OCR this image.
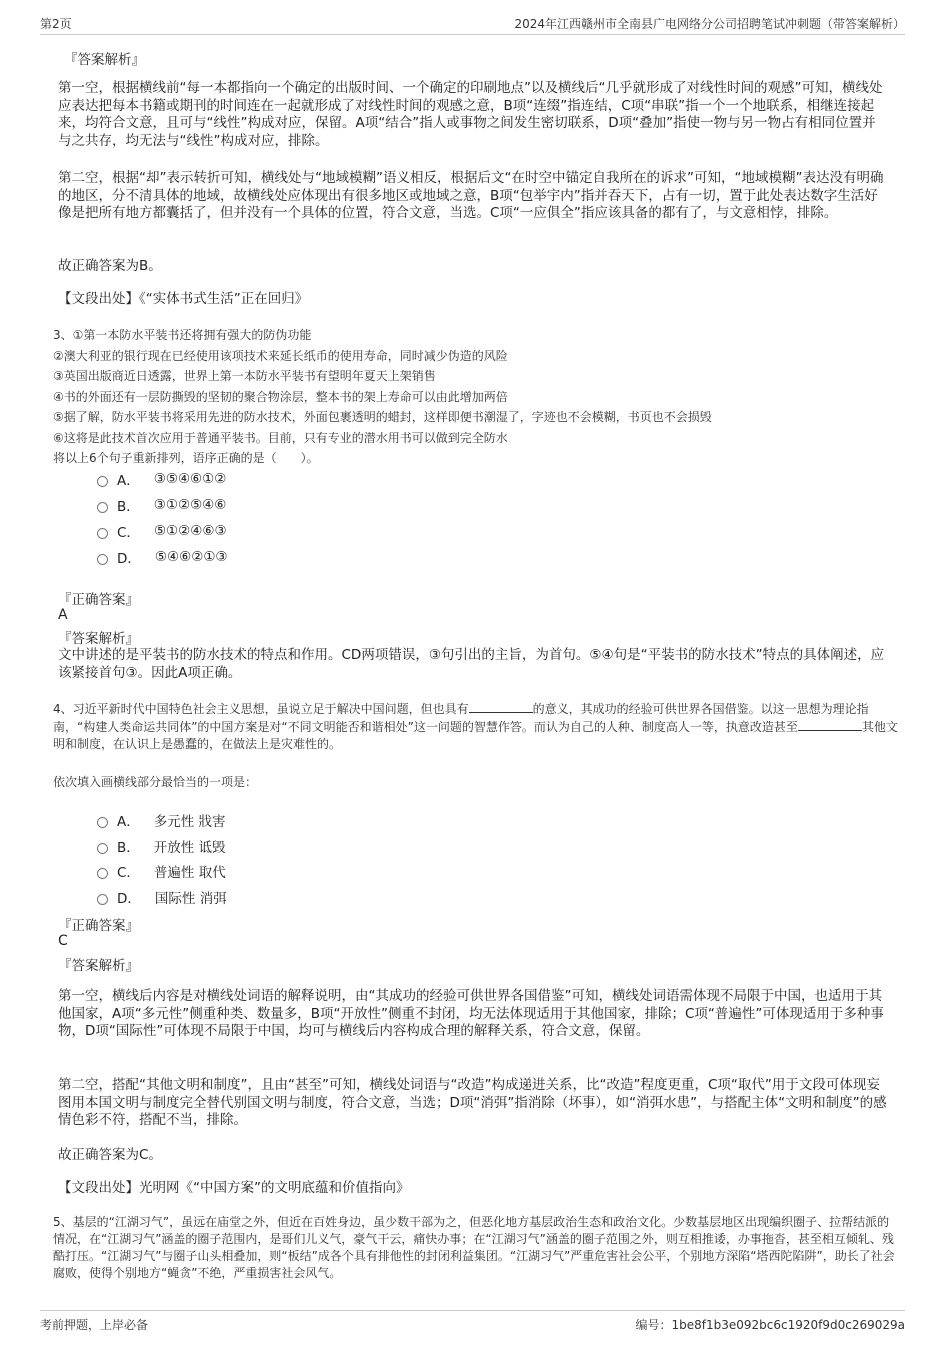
第2页	2024年江西赣州市全南县广电网络分公司招聘笔试冲刺题（带答案解析）
『答案解析』

第一空，根据横线前“每一本都指向一个确定的出版时间、一个确定的印刷地点”以及横线后“几乎就形成了对线性时间的观感”可知，横线处应表达把每本书籍或期刊的时间连在一起就形成了对线性时间的观感之意，B项“连缀”指连结，C项“串联”指一个一个地联系，相继连接起来，均符合文意，且可与“线性”构成对应，保留。A项“结合”指人或事物之间发生密切联系，D项“叠加”指使一物与另一物占有相同位置并与之共存，均无法与“线性”构成对应，排除。

第二空，根据“却”表示转折可知，横线处与“地域模糊”语义相反，根据后文“在时空中锚定自我所在的诉求”可知，“地域模糊”表达没有明确的地区，分不清具体的地域，故横线处应体现出有很多地区或地域之意，B项“包举宇内”指并吞天下，占有一切，置于此处表达数字生活好像是把所有地方都囊括了，但并没有一个具体的位置，符合文意，当选。C项“一应俱全”指应该具备的都有了，与文意相悖，排除。

故正确答案为B。

【文段出处】《“实体书式生活”正在回归》

3、①第一本防水平装书还将拥有强大的防伪功能
②澳大利亚的银行现在已经使用该项技术来延长纸币的使用寿命，同时减少伪造的风险
③英国出版商近日透露，世界上第一本防水平装书有望明年夏天上架销售
④书的外面还有一层防撕毁的坚韧的聚合物涂层，整本书的架上寿命可以由此增加两倍
⑤据了解，防水平装书将采用先进的防水技术，外面包裹透明的蜡封，这样即便书潮湿了，字迹也不会模糊，书页也不会损毁
⑥这将是此技术首次应用于普通平装书。目前，只有专业的潜水用书可以做到完全防水
将以上6个句子重新排列，语序正确的是（　　）。
A． ③⑤④⑥①②
B． ③①②⑤④⑥
C． ⑤①②④⑥③
D． ⑤④⑥②①③
『正确答案』
A
『答案解析』

文中讲述的是平装书的防水技术的特点和作用。CD两项错误，③句引出的主旨，为首句。⑤④句是“平装书的防水技术”特点的具体阐述，应该紧接首句③。因此A项正确。

4、习近平新时代中国特色社会主义思想，虽说立足于解决中国问题，但也具有	的意义，其成功的经验可供世界各国借鉴。以这一思想为理论指南，“构建人类命运共同体”的中国方案是对“不同文明能否和谐相处”这一问题的智慧作答。而认为自己的人种、制度高人一等，执意改造甚至	其他文明和制度，在认识上是愚蠢的，在做法上是灾难性的。

依次填入画横线部分最恰当的一项是：

A． 多元性 戕害
B． 开放性 诋毁
C． 普遍性 取代
D． 国际性 消弭
『正确答案』
C
『答案解析』

第一空，横线后内容是对横线处词语的解释说明，由“其成功的经验可供世界各国借鉴”可知，横线处词语需体现不局限于中国，也适用于其他国家，A项“多元性”侧重种类、数量多，B项“开放性”侧重不封闭，均无法体现适用于其他国家，排除；C项“普遍性”可体现适用于多种事物，D项“国际性”可体现不局限于中国，均可与横线后内容构成合理的解释关系，符合文意，保留。

第二空，搭配“其他文明和制度”，且由“甚至”可知，横线处词语与“改造”构成递进关系，比“改造”程度更重，C项“取代”用于文段可体现妄图用本国文明与制度完全替代别国文明与制度，符合文意，当选；D项“消弭”指消除（坏事），如“消弭水患”，与搭配主体“文明和制度”的感情色彩不符，搭配不当，排除。

故正确答案为C。

【文段出处】光明网《“中国方案”的文明底蕴和价值指向》

5、基层的“江湖习气”，虽远在庙堂之外，但近在百姓身边，虽少数干部为之，但恶化地方基层政治生态和政治文化。少数基层地区出现编织圈子、拉帮结派的情况，在“江湖习气”涵盖的圈子范围内，是哥们儿义气，豪气干云，痛快办事；在“江湖习气”涵盖的圈子范围之外，则互相推诿，办事拖沓，甚至相互倾轧、残酷打压。“江湖习气”与圈子山头相叠加，则“板结”成各个具有排他性的封闭利益集团。“江湖习气”严重危害社会公平，个别地方深陷“塔西陀陷阱”，助长了社会腐败，使得个别地方“蝇贪”不绝，严重损害社会风气。

考前押题，上岸必备	编号：1be8f1b3e092bc6c1920f9d0c269029a
